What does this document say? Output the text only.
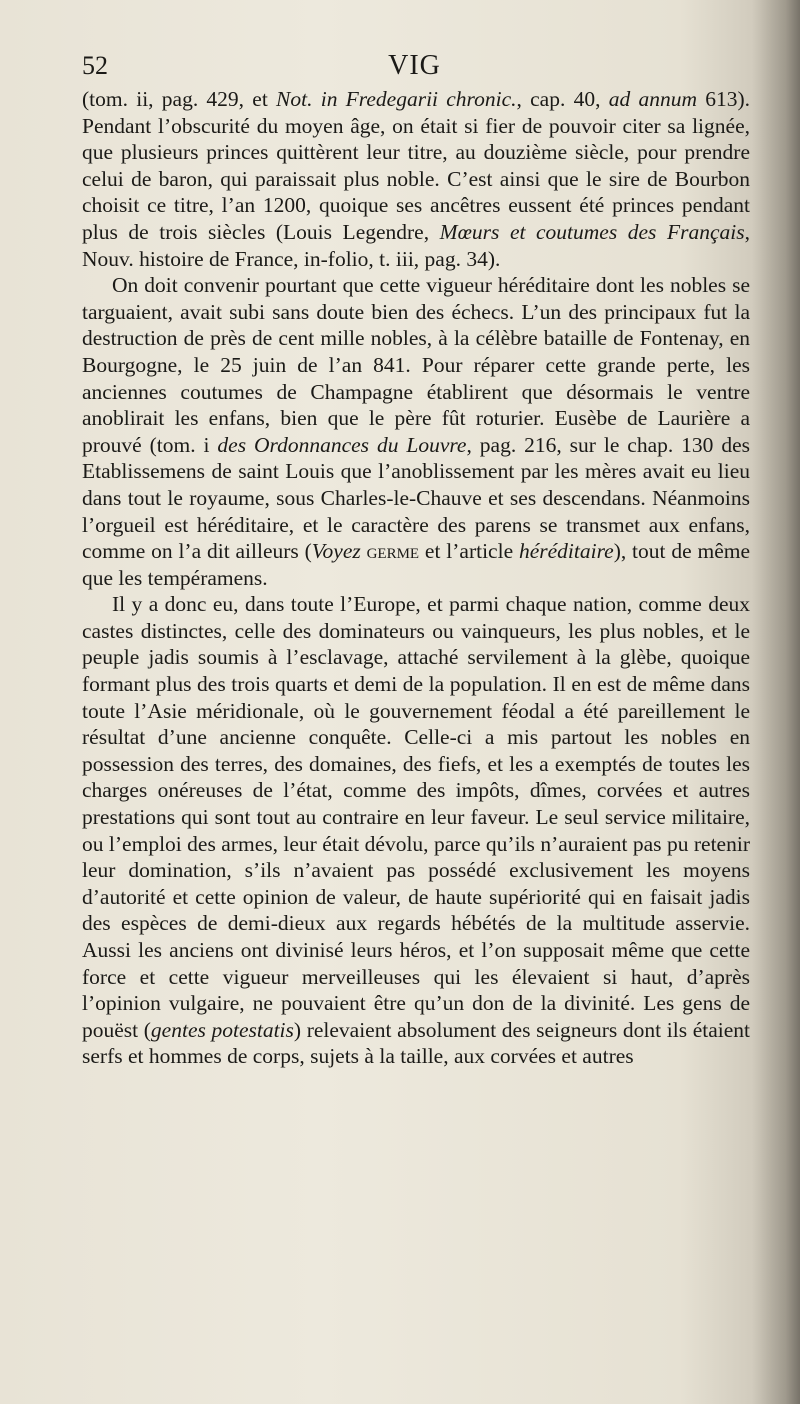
52	VIG

(tom. ii, pag. 429, et Not. in Fredegarii chronic., cap. 40, ad annum 613). Pendant l’obscurité du moyen âge, on était si fier de pouvoir citer sa lignée, que plusieurs princes quittèrent leur titre, au douzième siècle, pour prendre celui de baron, qui paraissait plus noble. C’est ainsi que le sire de Bourbon choisit ce titre, l’an 1200, quoique ses ancêtres eussent été princes pendant plus de trois siècles (Louis Legendre, Mœurs et coutumes des Français, Nouv. histoire de France, in-folio, t. iii, pag. 34).

On doit convenir pourtant que cette vigueur héréditaire dont les nobles se targuaient, avait subi sans doute bien des échecs. L’un des principaux fut la destruction de près de cent mille nobles, à la célèbre bataille de Fontenay, en Bourgogne, le 25 juin de l’an 841. Pour réparer cette grande perte, les anciennes coutumes de Champagne établirent que désormais le ventre anoblirait les enfans, bien que le père fût roturier. Eusèbe de Laurière a prouvé (tom. i des Ordonnances du Louvre, pag. 216, sur le chap. 130 des Etablissemens de saint Louis que l’anoblissement par les mères avait eu lieu dans tout le royaume, sous Charles-le-Chauve et ses descendans. Néanmoins l’orgueil est héréditaire, et le caractère des parens se transmet aux enfans, comme on l’a dit ailleurs (Voyez germe et l’article héréditaire), tout de même que les tempéramens.

Il y a donc eu, dans toute l’Europe, et parmi chaque nation, comme deux castes distinctes, celle des dominateurs ou vainqueurs, les plus nobles, et le peuple jadis soumis à l’esclavage, attaché servilement à la glèbe, quoique formant plus des trois quarts et demi de la population. Il en est de même dans toute l’Asie méridionale, où le gouvernement féodal a été pareillement le résultat d’une ancienne conquête. Celle-ci a mis partout les nobles en possession des terres, des domaines, des fiefs, et les a exemptés de toutes les charges onéreuses de l’état, comme des impôts, dîmes, corvées et autres prestations qui sont tout au contraire en leur faveur. Le seul service militaire, ou l’emploi des armes, leur était dévolu, parce qu’ils n’auraient pas pu retenir leur domination, s’ils n’avaient pas possédé exclusivement les moyens d’autorité et cette opinion de valeur, de haute supériorité qui en faisait jadis des espèces de demi-dieux aux regards hébétés de la multitude asservie. Aussi les anciens ont divinisé leurs héros, et l’on supposait même que cette force et cette vigueur merveilleuses qui les élevaient si haut, d’après l’opinion vulgaire, ne pouvaient être qu’un don de la divinité. Les gens de pouëst (gentes potestatis) relevaient absolument des seigneurs dont ils étaient serfs et hommes de corps, sujets à la taille, aux corvées et autres
